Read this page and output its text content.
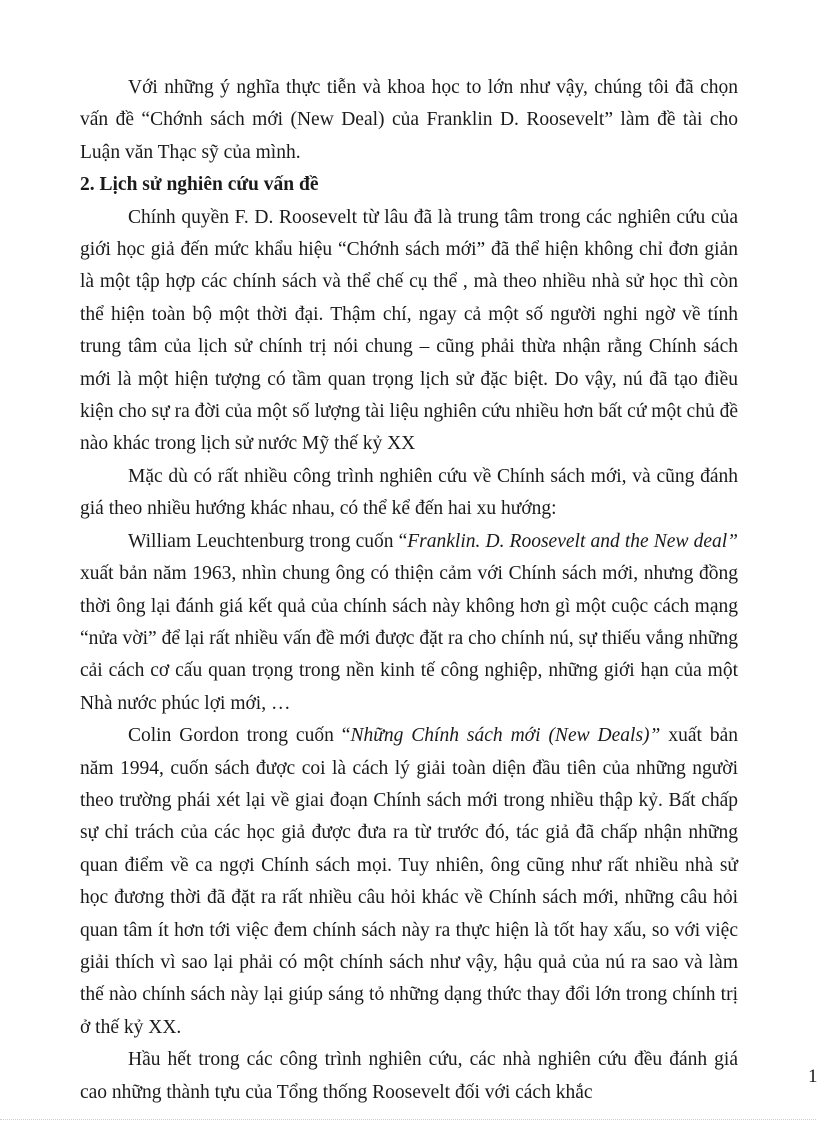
Với những ý nghĩa thực tiễn và khoa học to lớn như vậy, chúng tôi đã chọn vấn đề “Chớnh sách mới (New Deal) của Franklin D. Roosevelt” làm đề tài cho Luận văn Thạc sỹ của mình.

2. Lịch sử nghiên cứu vấn đề

Chính quyền F. D. Roosevelt từ lâu đã là trung tâm trong các nghiên cứu của giới học giả đến mức khẩu hiệu “Chớnh sách mới” đã thể hiện không chỉ đơn giản là một tập hợp các chính sách và thể chế cụ thể , mà theo nhiều nhà sử học thì còn thể hiện toàn bộ một thời đại. Thậm chí, ngay cả một số người nghi ngờ về tính trung tâm của lịch sử chính trị nói chung – cũng phải thừa nhận rằng Chính sách mới là một hiện tượng có tầm quan trọng lịch sử đặc biệt. Do vậy, nú đã tạo điều kiện cho sự ra đời của một số lượng tài liệu nghiên cứu nhiều hơn bất cứ một chủ đề nào khác trong lịch sử nước Mỹ thế kỷ XX

Mặc dù có rất nhiều công trình nghiên cứu về Chính sách mới, và cũng đánh giá theo nhiều hướng khác nhau, có thể kể đến hai xu hướng:

William Leuchtenburg trong cuốn “Franklin. D. Roosevelt and the New deal” xuất bản năm 1963, nhìn chung ông có thiện cảm với Chính sách mới, nhưng đồng thời ông lại đánh giá kết quả của chính sách này không hơn gì một cuộc cách mạng “nửa vời” để lại rất nhiều vấn đề mới được đặt ra cho chính nú, sự thiếu vắng những cải cách cơ cấu quan trọng trong nền kinh tế công nghiệp, những giới hạn của một Nhà nước phúc lợi mới, …

Colin Gordon trong cuốn “Những Chính sách mới (New Deals)” xuất bản năm 1994, cuốn sách được coi là cách lý giải toàn diện đầu tiên của những người theo trường phái xét lại về giai đoạn Chính sách mới trong nhiều thập kỷ. Bất chấp sự chỉ trách của các học giả được đưa ra từ trước đó, tác giả đã chấp nhận những quan điểm về ca ngợi Chính sách mọi. Tuy nhiên, ông cũng như rất nhiều nhà sử học đương thời đã đặt ra rất nhiều câu hỏi khác về Chính sách mới, những câu hỏi quan tâm ít hơn tới việc đem chính sách này ra thực hiện là tốt hay xấu, so với việc giải thích vì sao lại phải có một chính sách như vậy, hậu quả của nú ra sao và làm thế nào chính sách này lại giúp sáng tỏ những dạng thức thay đổi lớn trong chính trị ở thế kỷ XX.

Hầu hết trong các công trình nghiên cứu, các nhà nghiên cứu đều đánh giá cao những thành tựu của Tổng thống Roosevelt đối với cách khắc

1
